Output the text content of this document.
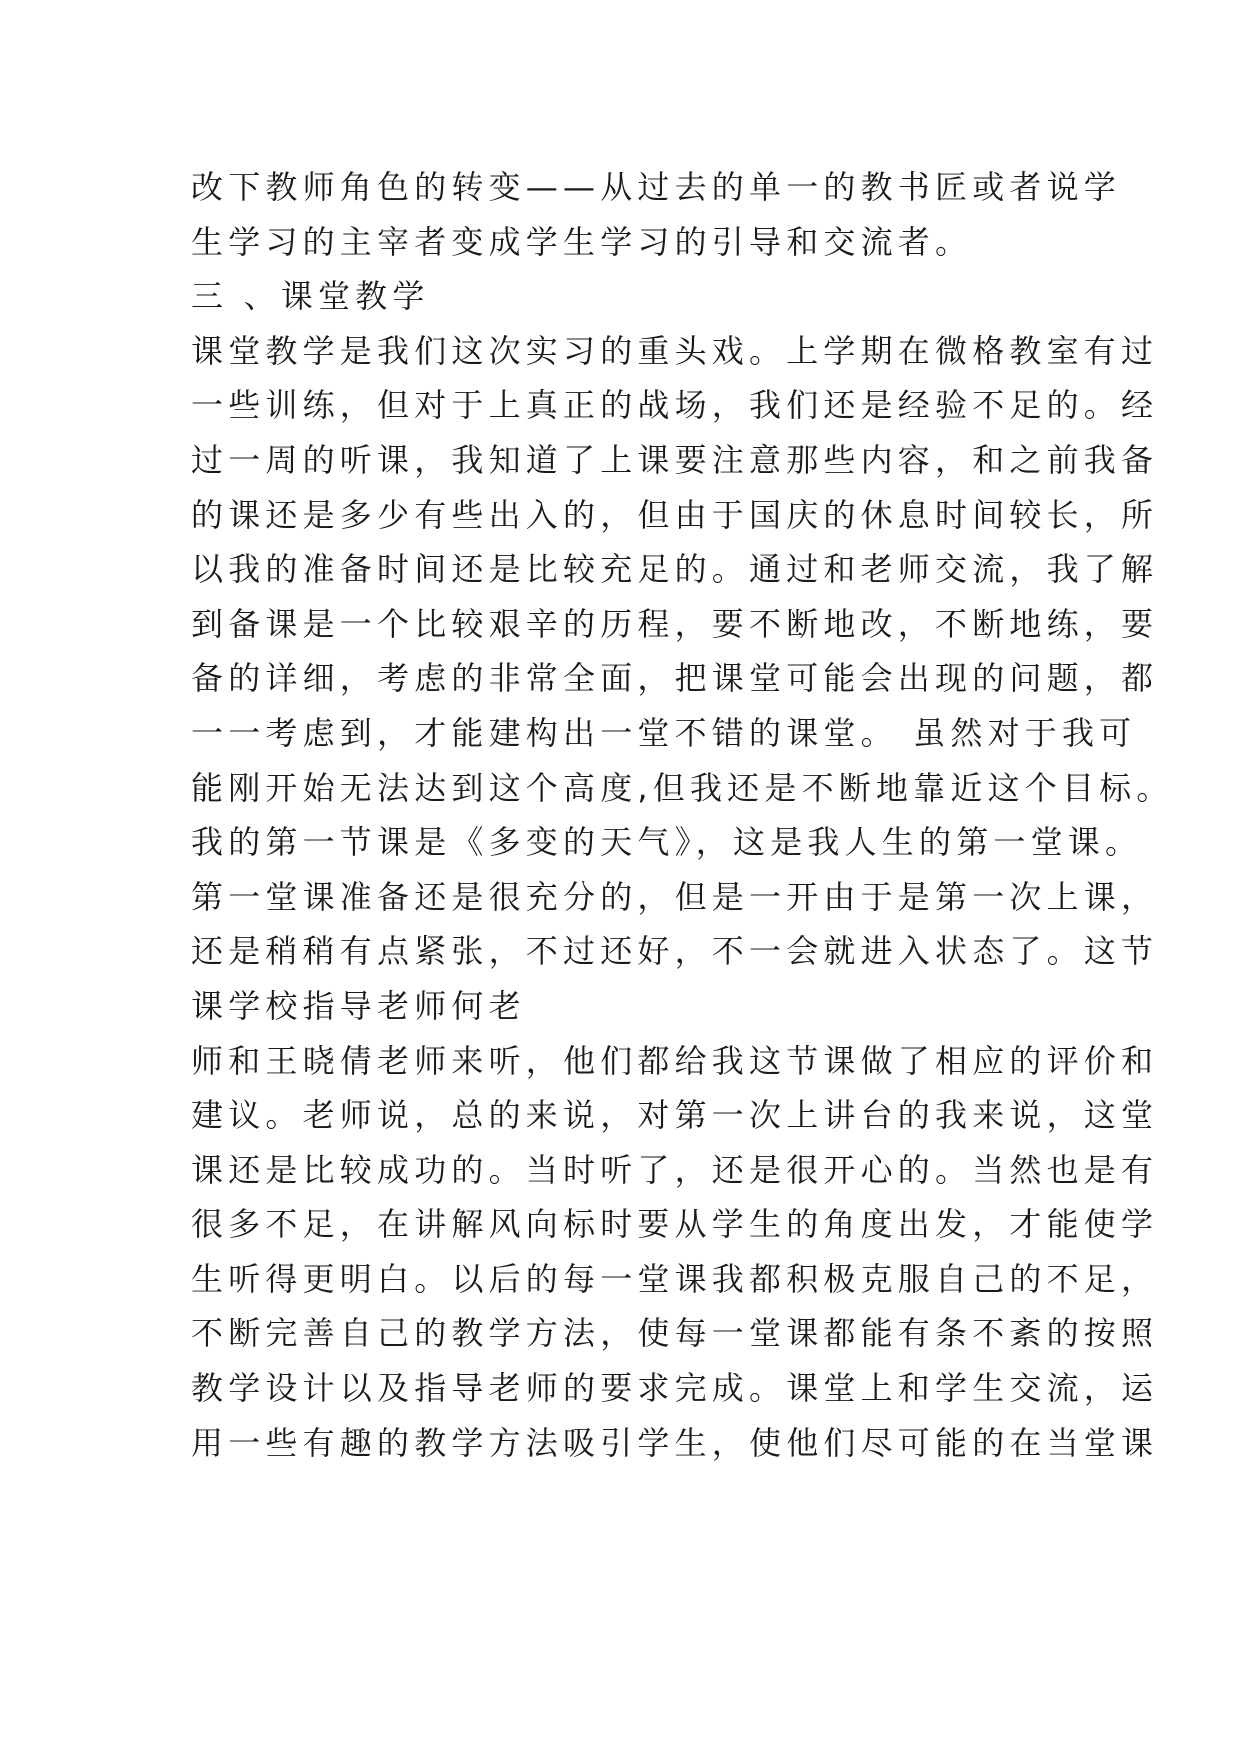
改下教师角色的转变——从过去的单一的教书匠或者说学
生学习的主宰者变成学生学习的引导和交流者。
三 、课堂教学
课堂教学是我们这次实习的重头戏。上学期在微格教室有过
一些训练，但对于上真正的战场，我们还是经验不足的。经
过一周的听课，我知道了上课要注意那些内容，和之前我备
的课还是多少有些出入的，但由于国庆的休息时间较长，所
以我的准备时间还是比较充足的。通过和老师交流，我了解
到备课是一个比较艰辛的历程，要不断地改，不断地练，要
备的详细，考虑的非常全面，把课堂可能会出现的问题，都
一一考虑到，才能建构出一堂不错的课堂。 虽然对于我可
能刚开始无法达到这个高度,但我还是不断地靠近这个目标。
我的第一节课是《多变的天气》，这是我人生的第一堂课。
第一堂课准备还是很充分的，但是一开由于是第一次上课，
还是稍稍有点紧张，不过还好，不一会就进入状态了。这节
课学校指导老师何老
师和王晓倩老师来听，他们都给我这节课做了相应的评价和
建议。老师说，总的来说，对第一次上讲台的我来说，这堂
课还是比较成功的。当时听了，还是很开心的。当然也是有
很多不足，在讲解风向标时要从学生的角度出发，才能使学
生听得更明白。以后的每一堂课我都积极克服自己的不足，
不断完善自己的教学方法，使每一堂课都能有条不紊的按照
教学设计以及指导老师的要求完成。课堂上和学生交流，运
用一些有趣的教学方法吸引学生，使他们尽可能的在当堂课
